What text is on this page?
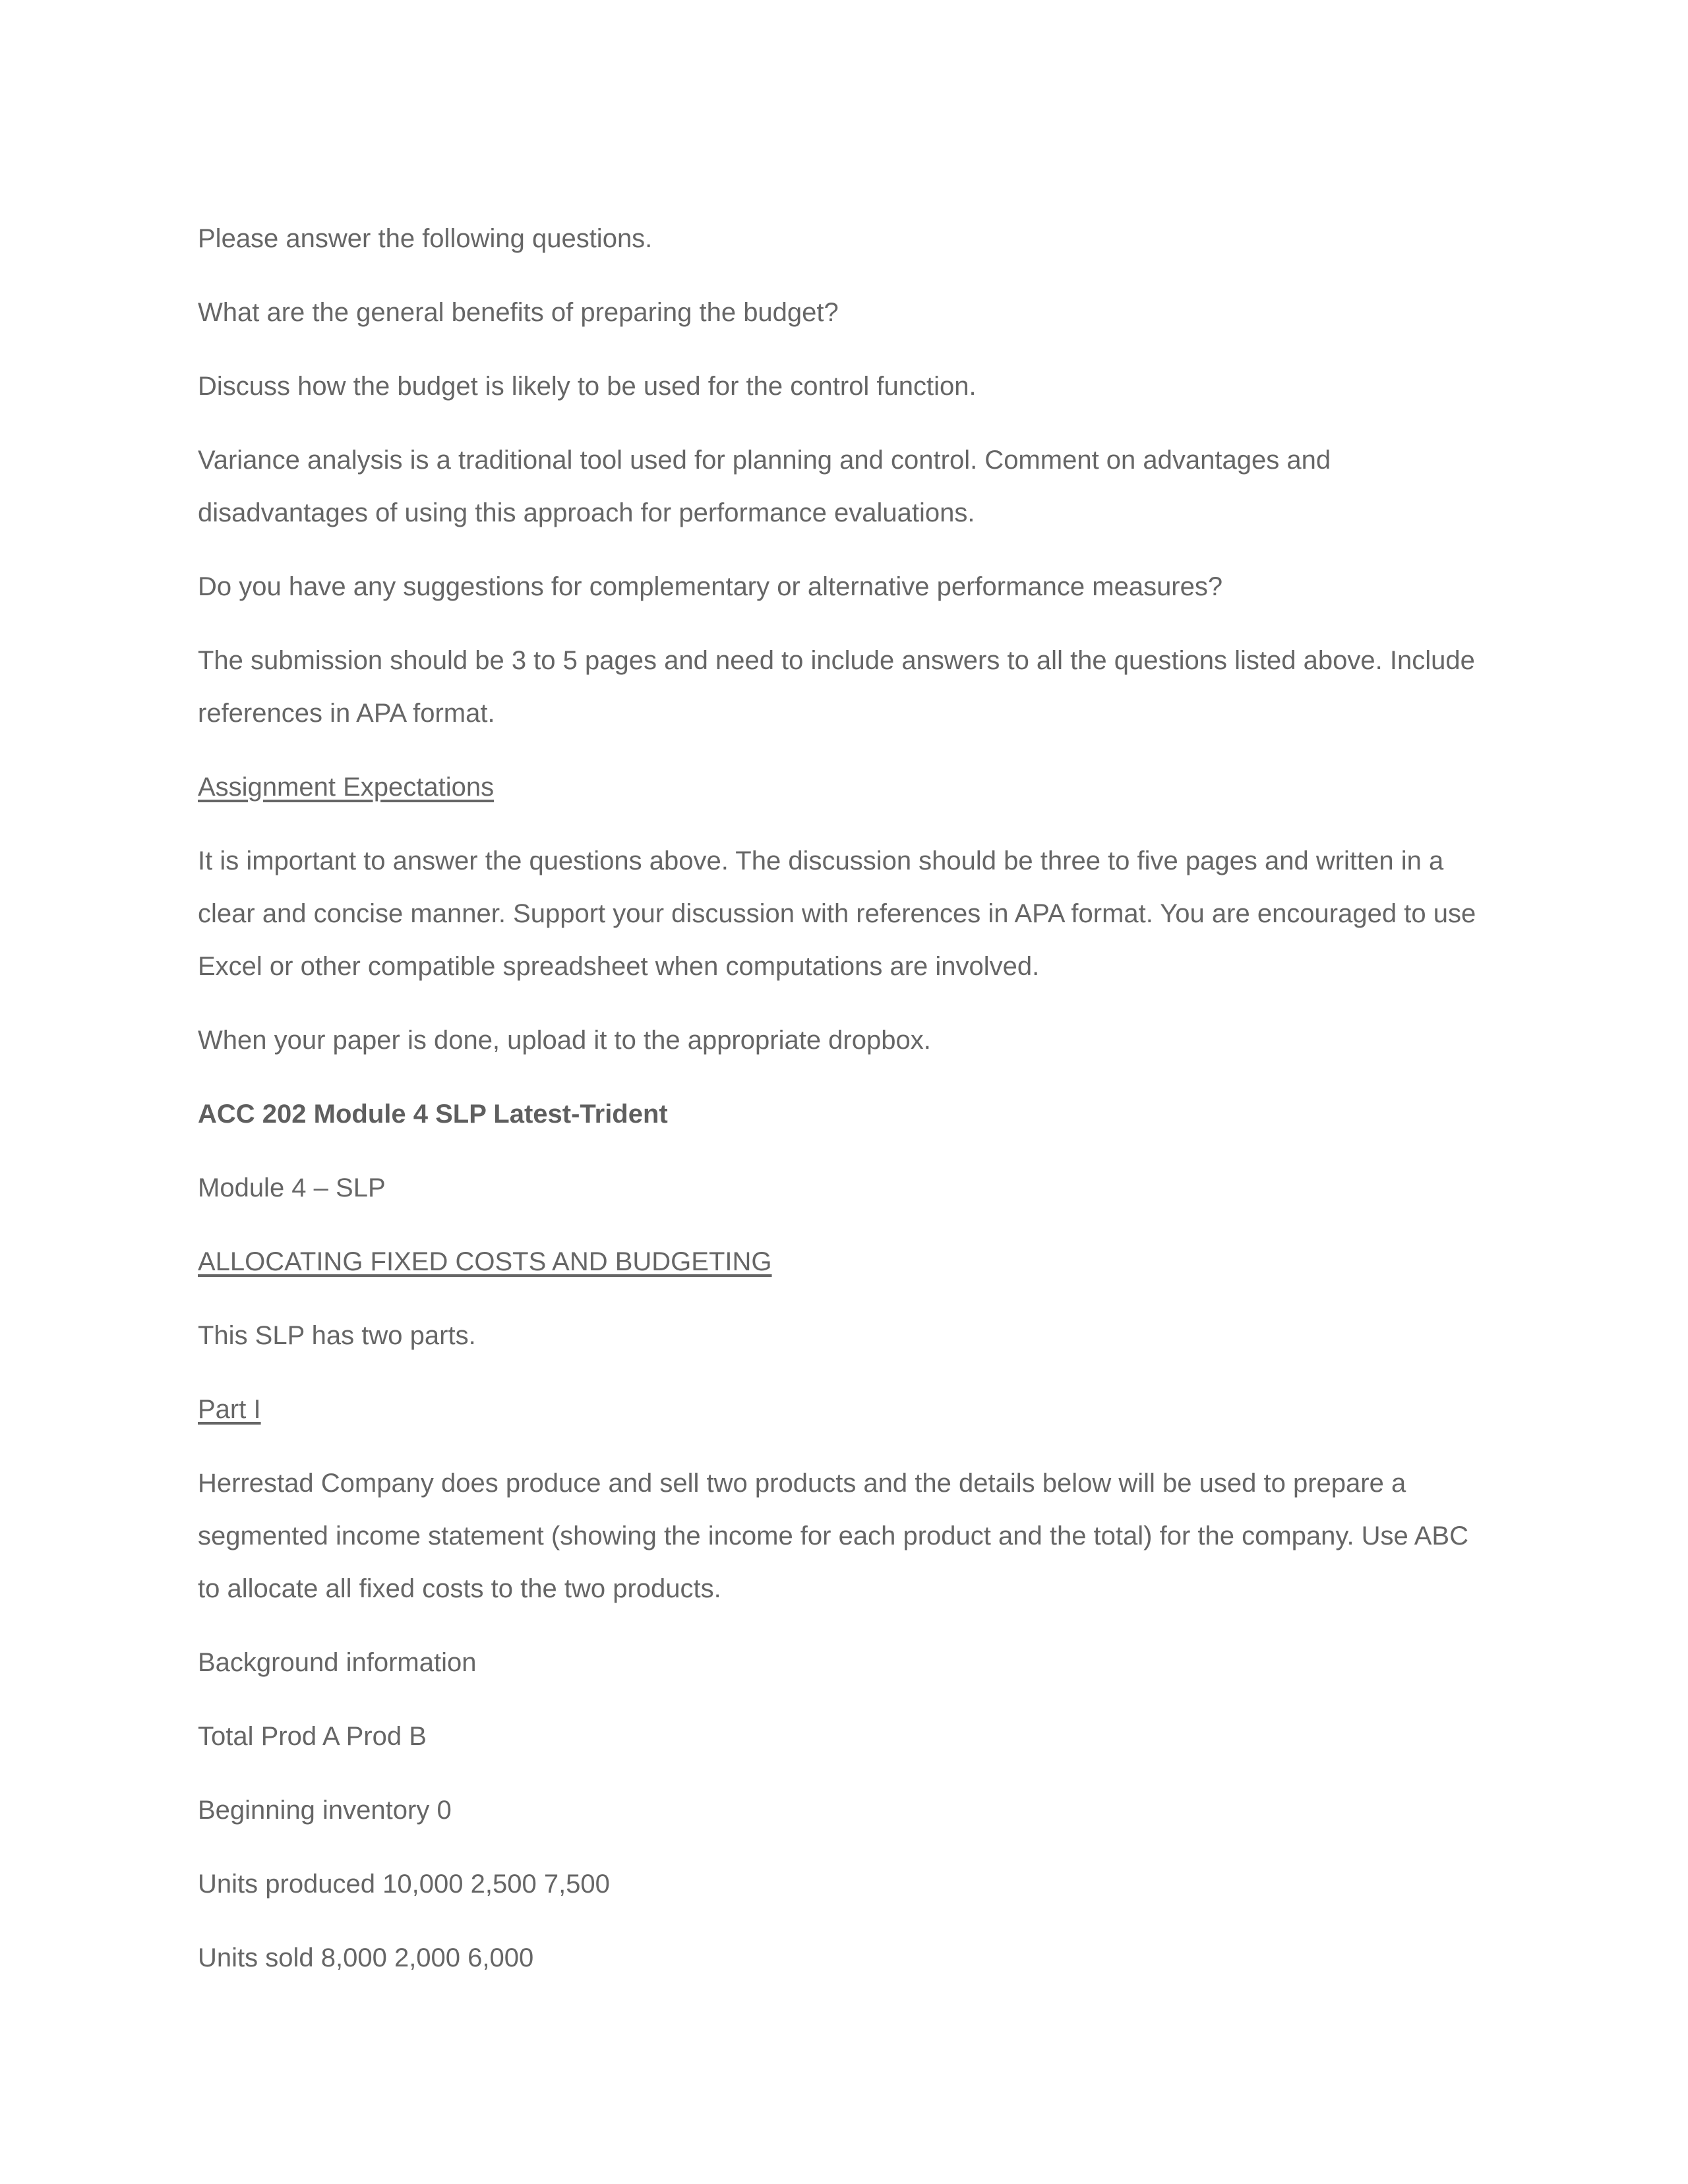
Please answer the following questions.

What are the general benefits of preparing the budget?

Discuss how the budget is likely to be used for the control function.

Variance analysis is a traditional tool used for planning and control. Comment on advantages and disadvantages of using this approach for performance evaluations.

Do you have any suggestions for complementary or alternative performance measures?

The submission should be 3 to 5 pages and need to include answers to all the questions listed above. Include references in APA format.

Assignment Expectations

It is important to answer the questions above. The discussion should be three to five pages and written in a clear and concise manner. Support your discussion with references in APA format. You are encouraged to use Excel or other compatible spreadsheet when computations are involved.

When your paper is done, upload it to the appropriate dropbox.

ACC 202 Module 4 SLP Latest-Trident

Module 4 – SLP

ALLOCATING FIXED COSTS AND BUDGETING

This SLP has two parts.

Part I

Herrestad Company does produce and sell two products and the details below will be used to prepare a segmented income statement (showing the income for each product and the total) for the company. Use ABC to allocate all fixed costs to the two products.

Background information

Total Prod A Prod B

Beginning inventory 0

Units produced 10,000 2,500 7,500

Units sold 8,000 2,000 6,000
